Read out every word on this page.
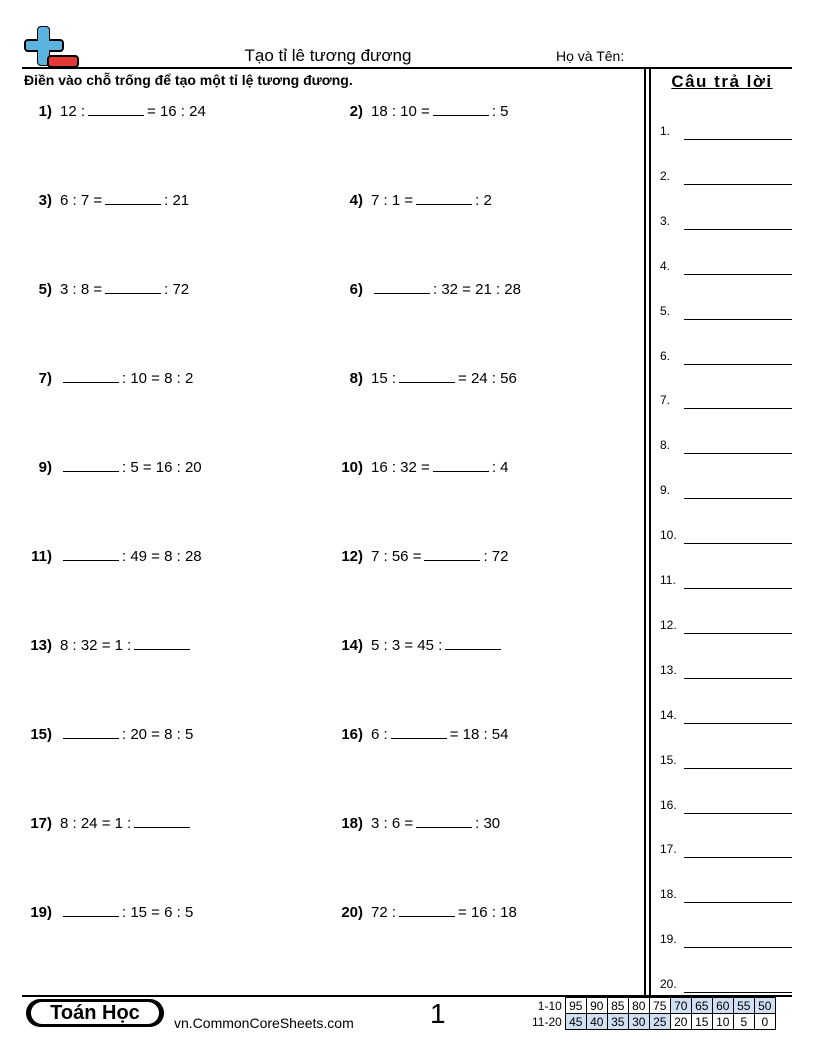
Tạo tỉ lê tương đương	Họ và Tên:
Điền vào chỗ trống để tạo một tỉ lệ tương đương.	Câu trả lời
1.
2.
3.
4.
5.
6.
7.
8.
9.
10.
11.
12.
13.
14.
15.
16.
17.
18.
19.
20.
1) 12 :	= 16 : 24	2) 18 : 10 =	: 5
3) 6 : 7 =	: 21	4) 7 : 1 =	: 2
5) 3 : 8 =	: 72	6)	: 32 = 21 : 28
7)	: 10 = 8 : 2	8) 15 :	= 24 : 56
9)	: 5 = 16 : 20	10) 16 : 32 =	: 4
11)	: 49 = 8 : 28	12) 7 : 56 =	: 72
13) 8 : 32 = 1 :	14) 5 : 3 = 45 :
15)	: 20 = 8 : 5	16) 6 :	= 18 : 54
17) 8 : 24 = 1 :	18) 3 : 6 =	: 30
19)	: 15 = 6 : 5	20) 72 :	= 16 : 18
Toán Học	vn.CommonCoreSheets.com	1	1-10	95	90	85	80	75	70	65	60	55	50
11-20	45	40	35	30	25	20	15	10	5	0
